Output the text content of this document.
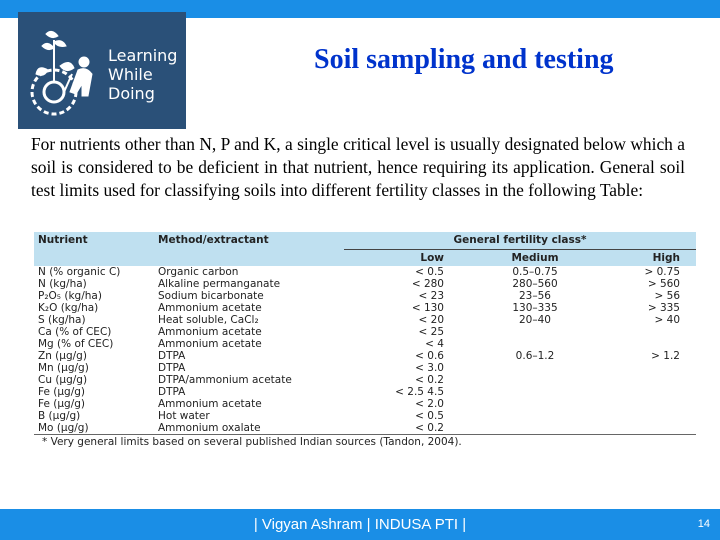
Learning
While
Doing
Soil sampling and testing
For nutrients other than N, P and K, a single critical level is usually designated below which a soil is considered to be deficient in that nutrient, hence requiring its application. General soil test limits used for classifying soils into different fertility classes in the following Table:
Nutrient	Method/extractant	General fertility class*		
		Low	Medium	High
N (% organic C)	Organic carbon	< 0.5	0.5–0.75	> 0.75
N (kg/ha)	Alkaline permanganate	< 280	280–560	> 560
P₂O₅ (kg/ha)	Sodium bicarbonate	< 23	23–56	> 56
K₂O (kg/ha)	Ammonium acetate	< 130	130–335	> 335
S (kg/ha)	Heat soluble, CaCl₂	< 20	20–40	> 40
Ca (% of CEC)	Ammonium acetate	< 25		
Mg (% of CEC)	Ammonium acetate	< 4		
Zn (µg/g)	DTPA	< 0.6	0.6–1.2	> 1.2
Mn (µg/g)	DTPA	< 3.0		
Cu (µg/g)	DTPA/ammonium acetate	< 0.2		
Fe (µg/g)	DTPA	< 2.5 4.5		
Fe (µg/g)	Ammonium acetate	< 2.0		
B (µg/g)	Hot water	< 0.5		
Mo (µg/g)	Ammonium oxalate	< 0.2		
* Very general limits based on several published Indian sources (Tandon, 2004).
| Vigyan Ashram | INDUSA PTI |	14
